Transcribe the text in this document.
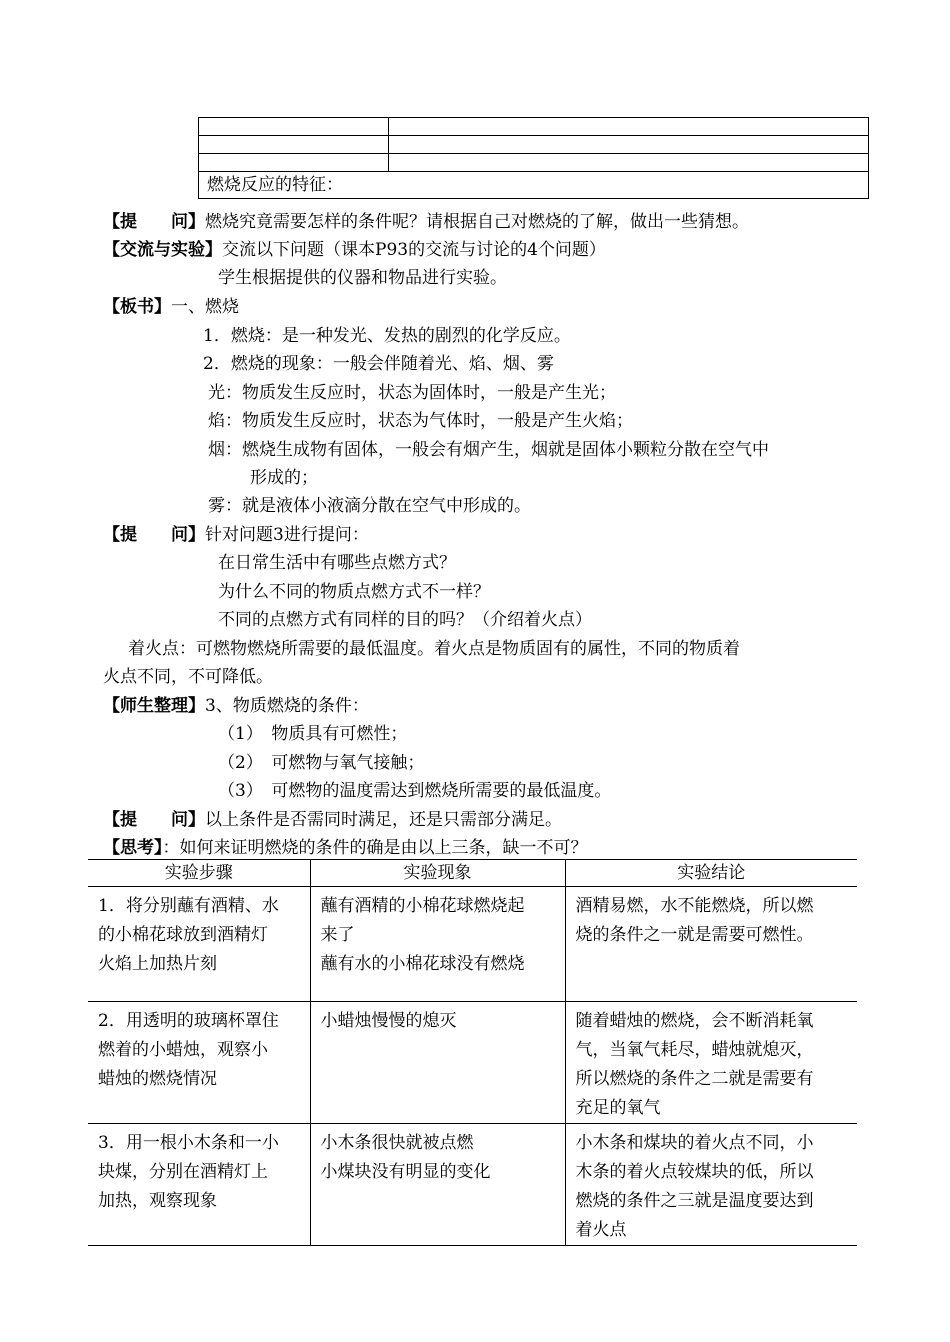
燃烧反应的特征：	
【提　　问】燃烧究竟需要怎样的条件呢？请根据自己对燃烧的了解，做出一些猜想。
【交流与实验】交流以下问题（课本P93的交流与讨论的4个问题）
学生根据提供的仪器和物品进行实验。
【板书】一、燃烧
1．燃烧：是一种发光、发热的剧烈的化学反应。
2．燃烧的现象：一般会伴随着光、焰、烟、雾
光：物质发生反应时，状态为固体时，一般是产生光；
焰：物质发生反应时，状态为气体时，一般是产生火焰；
烟：燃烧生成物有固体，一般会有烟产生，烟就是固体小颗粒分散在空气中
形成的；
雾：就是液体小液滴分散在空气中形成的。
【提　　问】针对问题3进行提问：
在日常生活中有哪些点燃方式？
为什么不同的物质点燃方式不一样？
不同的点燃方式有同样的目的吗？（介绍着火点）
着火点：可燃物燃烧所需要的最低温度。着火点是物质固有的属性，不同的物质着
火点不同，不可降低。
【师生整理】3、物质燃烧的条件：
（1）　物质具有可燃性；
（2）　可燃物与氧气接触；
（3）　可燃物的温度需达到燃烧所需要的最低温度。
【提　　问】以上条件是否需同时满足，还是只需部分满足。
【思考】：如何来证明燃烧的条件的确是由以上三条，缺一不可？
实验步骤	实验现象	实验结论

1．将分别蘸有酒精、水
的小棉花球放到酒精灯
火焰上加热片刻	蘸有酒精的小棉花球燃烧起
来了
蘸有水的小棉花球没有燃烧	酒精易燃，水不能燃烧，所以燃
烧的条件之一就是需要可燃性。

2．用透明的玻璃杯罩住
燃着的小蜡烛，观察小
蜡烛的燃烧情况	小蜡烛慢慢的熄灭	随着蜡烛的燃烧，会不断消耗氧
气，当氧气耗尽，蜡烛就熄灭，
所以燃烧的条件之二就是需要有
充足的氧气

3．用一根小木条和一小
块煤，分别在酒精灯上
加热，观察现象	小木条很快就被点燃
小煤块没有明显的变化	小木条和煤块的着火点不同，小
木条的着火点较煤块的低，所以
燃烧的条件之三就是温度要达到
着火点
